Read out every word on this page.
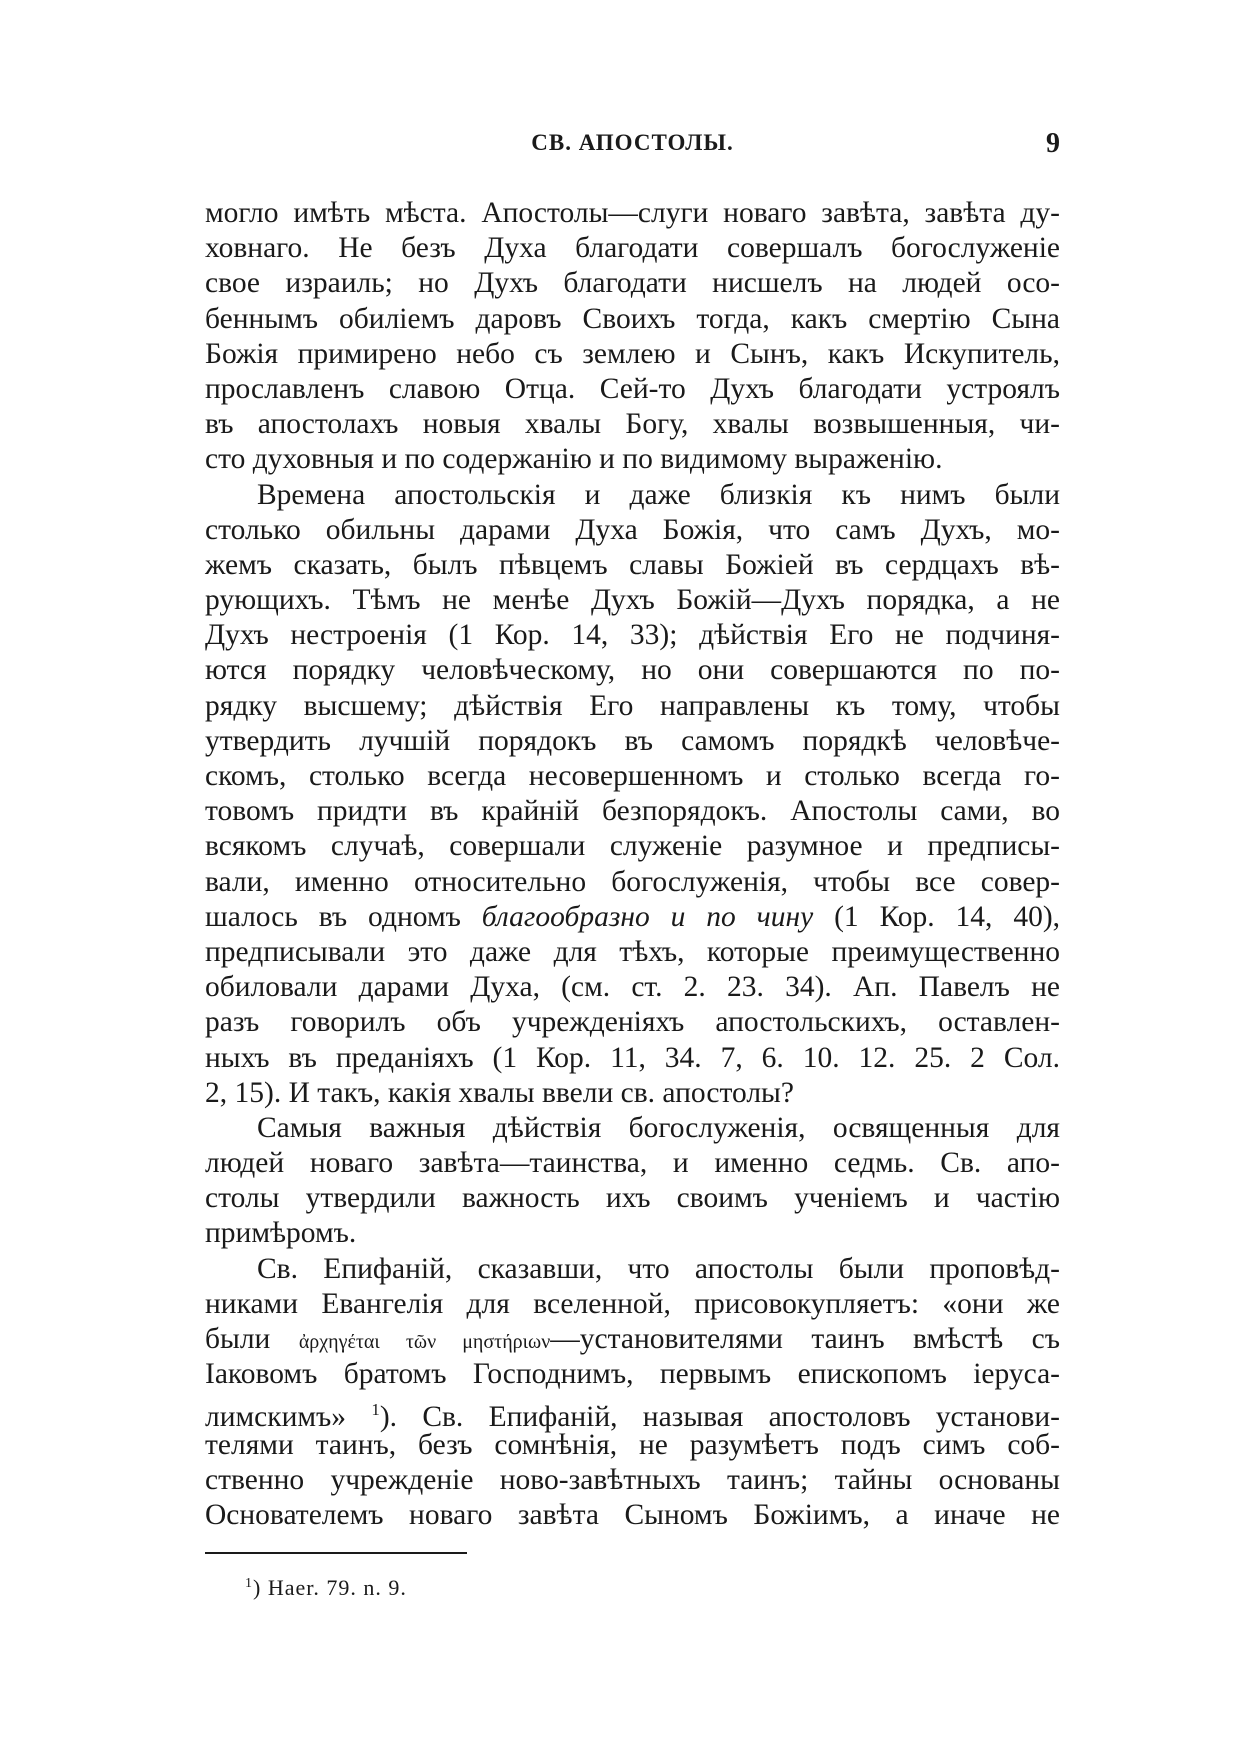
СВ. АПОСТОЛЫ.	9
могло имѣть мѣста. Апостолы—слуги новаго завѣта, завѣта ду-
ховнаго. Не безъ Духа благодати совершалъ богослуженіе
свое израиль; но Духъ благодати нисшелъ на людей осо-
беннымъ обиліемъ даровъ Своихъ тогда, какъ смертію Сына
Божія примирено небо съ землею и Сынъ, какъ Искупитель,
прославленъ славою Отца. Сей-то Духъ благодати устроялъ
въ апостолахъ новыя хвалы Богу, хвалы возвышенныя, чи-
сто духовныя и по содержанію и по видимому выраженію.
Времена апостольскія и даже близкія къ нимъ были
столько обильны дарами Духа Божія, что самъ Духъ, мо-
жемъ сказать, былъ пѣвцемъ славы Божіей въ сердцахъ вѣ-
рующихъ. Тѣмъ не менѣе Духъ Божій—Духъ порядка, а не
Духъ нестроенія (1 Кор. 14, 33); дѣйствія Его не подчиня-
ются порядку человѣческому, но они совершаются по по-
рядку высшему; дѣйствія Его направлены къ тому, чтобы
утвердить лучшій порядокъ въ самомъ порядкѣ человѣче-
скомъ, столько всегда несовершенномъ и столько всегда го-
товомъ придти въ крайній безпорядокъ. Апостолы сами, во
всякомъ случаѣ, совершали служеніе разумное и предписы-
вали, именно относительно богослуженія, чтобы все совер-
шалось въ одномъ благообразно и по чину (1 Кор. 14, 40),
предписывали это даже для тѣхъ, которые преимущественно
обиловали дарами Духа, (см. ст. 2. 23. 34). Ап. Павелъ не
разъ говорилъ объ учрежденіяхъ апостольскихъ, оставлен-
ныхъ въ преданіяхъ (1 Кор. 11, 34. 7, 6. 10. 12. 25. 2 Сол.
2, 15). И такъ, какія хвалы ввели св. апостолы?
Самыя важныя дѣйствія богослуженія, освященныя для
людей новаго завѣта—таинства, и именно седмь. Св. апо-
столы утвердили важность ихъ своимъ ученіемъ и частію
примѣромъ.
Св. Епифаній, сказавши, что апостолы были проповѣд-
никами Евангелія для вселенной, присовокупляетъ: «они же
были ἀρχηγέται τῶν μηστήριων—установителями таинъ вмѣстѣ съ
Іаковомъ братомъ Господнимъ, первымъ епископомъ іеруса-
лимскимъ» $^1$). Св. Епифаній, называя апостоловъ установи-
телями таинъ, безъ сомнѣнія, не разумѣетъ подъ симъ соб-
ственно учрежденіе ново-завѣтныхъ таинъ; тайны основаны
Основателемъ новаго завѣта Сыномъ Божіимъ, а иначе не
$^1$) Haer. 79. n. 9.
